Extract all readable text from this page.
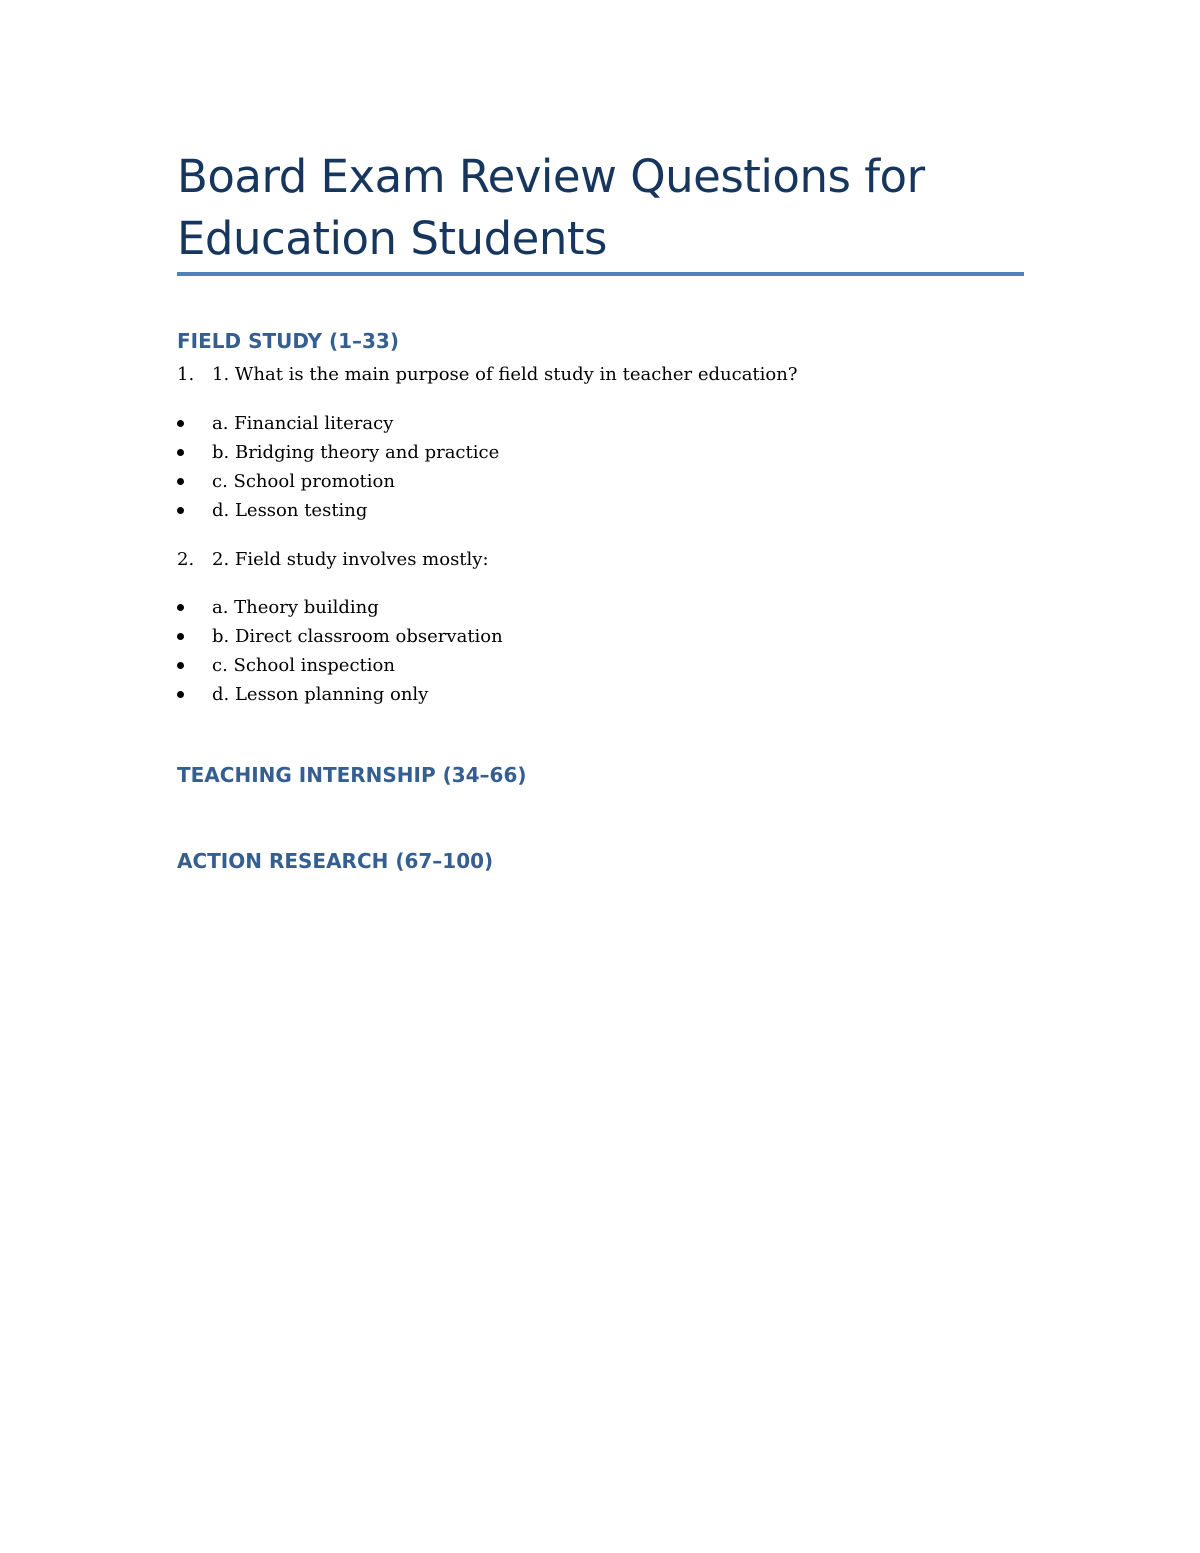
Board Exam Review Questions for Education Students
FIELD STUDY (1–33)
1. 1. What is the main purpose of field study in teacher education?
a. Financial literacy
b. Bridging theory and practice
c. School promotion
d. Lesson testing
2. 2. Field study involves mostly:
a. Theory building
b. Direct classroom observation
c. School inspection
d. Lesson planning only
TEACHING INTERNSHIP (34–66)
ACTION RESEARCH (67–100)
